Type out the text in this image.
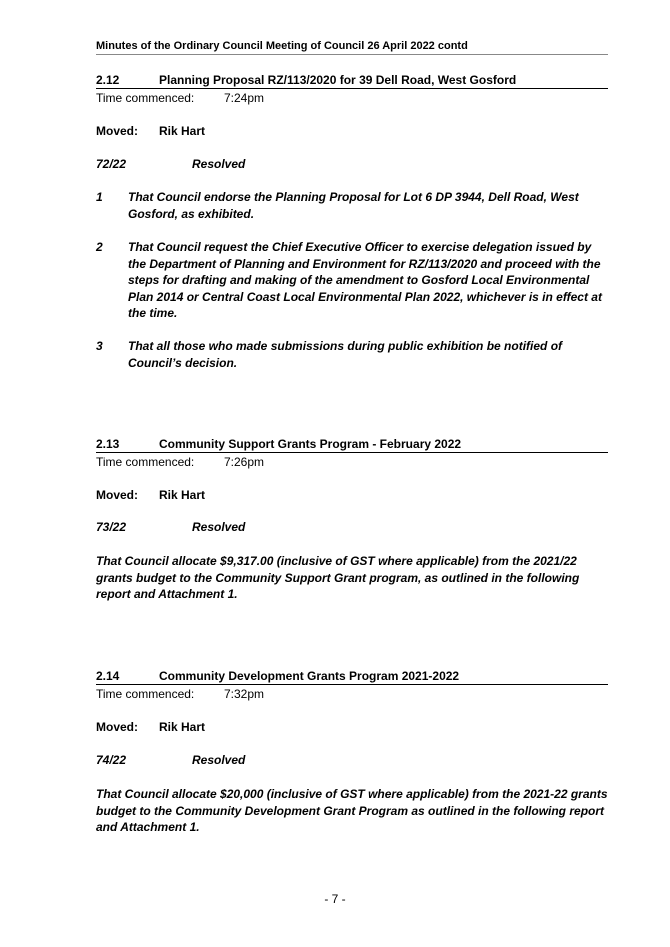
Minutes of the Ordinary Council Meeting of Council 26 April 2022 contd
2.12	Planning Proposal RZ/113/2020 for 39 Dell Road, West Gosford
Time commenced: 7:24pm
Moved: Rik Hart
72/22	Resolved
1 That Council endorse the Planning Proposal for Lot 6 DP 3944, Dell Road, West Gosford, as exhibited.
2 That Council request the Chief Executive Officer to exercise delegation issued by the Department of Planning and Environment for RZ/113/2020 and proceed with the steps for drafting and making of the amendment to Gosford Local Environmental Plan 2014 or Central Coast Local Environmental Plan 2022, whichever is in effect at the time.
3 That all those who made submissions during public exhibition be notified of Council’s decision.
2.13	Community Support Grants Program - February 2022
Time commenced: 7:26pm
Moved: Rik Hart
73/22	Resolved
That Council allocate $9,317.00 (inclusive of GST where applicable) from the 2021/22 grants budget to the Community Support Grant program, as outlined in the following report and Attachment 1.
2.14	Community Development Grants Program 2021-2022
Time commenced: 7:32pm
Moved: Rik Hart
74/22	Resolved
That Council allocate $20,000 (inclusive of GST where applicable) from the 2021-22 grants budget to the Community Development Grant Program as outlined in the following report and Attachment 1.
- 7 -
